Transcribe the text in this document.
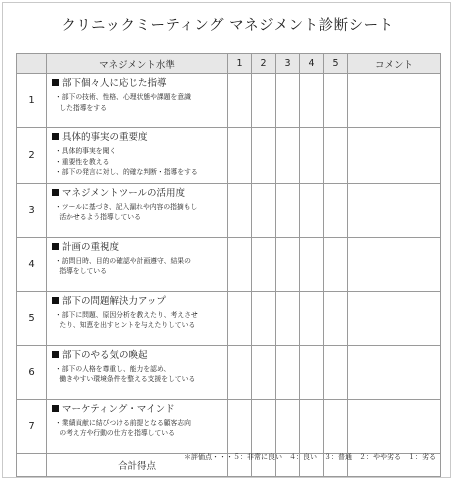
クリニックミーティング マネジメント診断シート
	マネジメント水準	1	2	3	4	5	コメント
1	部下個々人に応じた指導
・部下の技術、性格、心理状態や課題を意識
した指導をする						

2	具体的事実の重要度
・具体的事実を聞く
・重要性を教える
・部下の発言に対し、的確な判断・指導をする						

3	マネジメントツールの活用度
・ツールに基づき、記入漏れや内容の指摘もし
活かせるよう指導している						

4	計画の重視度
・訪問日時、目的の確認や計画遵守、結果の
指導をしている						

5	部下の問題解決力アップ
・部下に問題、原因分析を教えたり、考えさせ
たり、知恵を出すヒントを与えたりしている						

6	部下のやる気の喚起
・部下の人格を尊重し、能力を認め、
働きやすい環境条件を整える支援をしている						

7	マーケティング・マインド
・業績貢献に結びつける前提となる顧客志向
の考え方や行動の仕方を指導している						

	合計得点						
＊評価点・・・５：非常に良い　４：良い　３：普通　２：やや劣る　１：劣る
